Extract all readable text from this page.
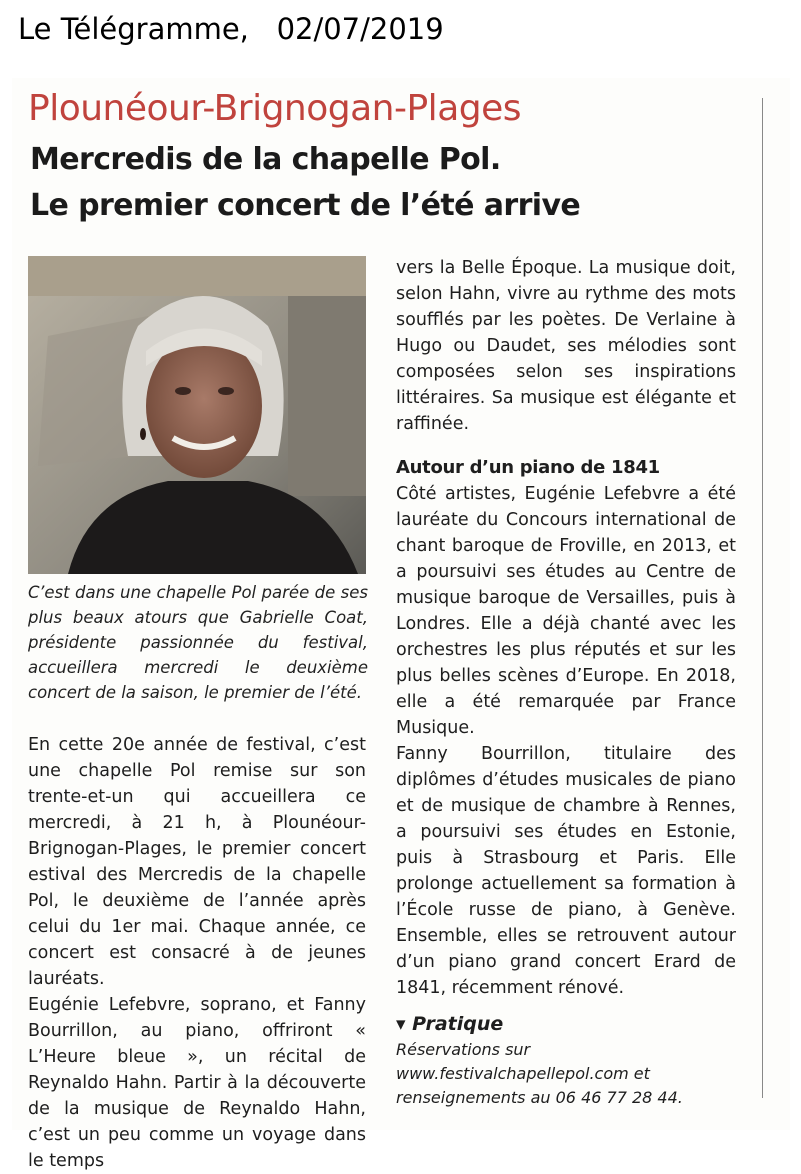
Le Télégramme, 02/07/2019
Plounéour-Brignogan-Plages
Mercredis de la chapelle Pol.
Le premier concert de l’été arrive
C’est dans une chapelle Pol parée de ses plus beaux atours que Gabrielle Coat, présidente passionnée du festival, accueillera mercredi le deuxième concert de la saison, le premier de l’été.

En cette 20e année de festival, c’est une chapelle Pol remise sur son trente-et-un qui accueillera ce mercredi, à 21 h, à Plounéour-Brignogan-Plages, le premier concert estival des Mercredis de la chapelle Pol, le deuxième de l’année après celui du 1er mai. Chaque année, ce concert est consacré à de jeunes lauréats.

Eugénie Lefebvre, soprano, et Fanny Bourrillon, au piano, offriront « L’Heure bleue », un récital de Reynaldo Hahn. Partir à la découverte de la musique de Reynaldo Hahn, c’est un peu comme un voyage dans le temps

vers la Belle Époque. La musique doit, selon Hahn, vivre au rythme des mots soufflés par les poètes. De Verlaine à Hugo ou Daudet, ses mélodies sont composées selon ses inspirations littéraires. Sa musique est élégante et raffinée.

Autour d’un piano de 1841

Côté artistes, Eugénie Lefebvre a été lauréate du Concours international de chant baroque de Froville, en 2013, et a poursuivi ses études au Centre de musique baroque de Versailles, puis à Londres. Elle a déjà chanté avec les orchestres les plus réputés et sur les plus belles scènes d’Europe. En 2018, elle a été remarquée par France Musique.

Fanny Bourrillon, titulaire des diplômes d’études musicales de piano et de musique de chambre à Rennes, a poursuivi ses études en Estonie, puis à Strasbourg et Paris. Elle prolonge actuellement sa formation à l’École russe de piano, à Genève. Ensemble, elles se retrouvent autour d’un piano grand concert Erard de 1841, récemment rénové.

▾ Pratique
Réservations sur
www.festivalchapellepol.com et
renseignements au 06 46 77 28 44.
